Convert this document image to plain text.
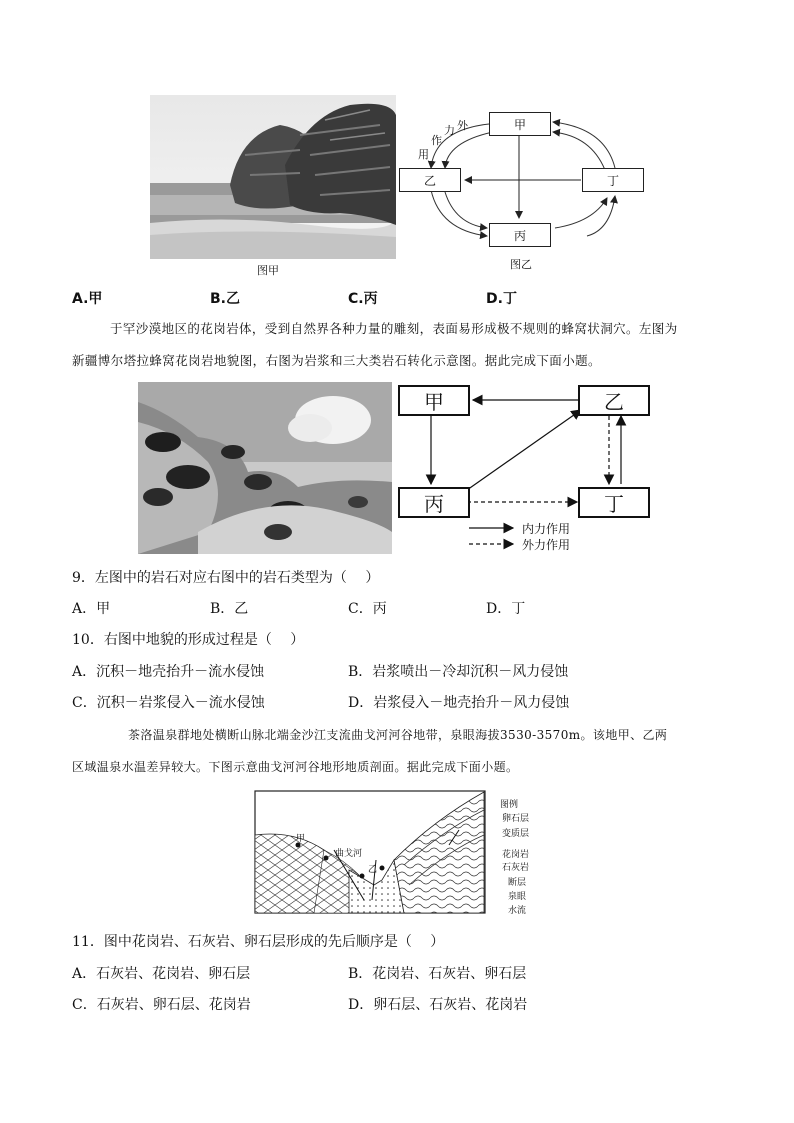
图甲
甲
乙	丁
丙
外
力
作
用
图乙
A.甲	B.乙	C.丙	D.丁
于罕沙漠地区的花岗岩体，受到自然界各种力量的雕刻，表面易形成极不规则的蜂窝状洞穴。左图为
新疆博尔塔拉蜂窝花岗岩地貌图，右图为岩浆和三大类岩石转化示意图。据此完成下面小题。
甲	乙
丙	丁
内力作用
外力作用
9．左图中的岩石对应右图中的岩石类型为（　 ）
A．甲	B．乙	C．丙	D．丁
10．右图中地貌的形成过程是（　 ）
A．沉积－地壳抬升－流水侵蚀	B．岩浆喷出－冷却沉积－风力侵蚀
C．沉积－岩浆侵入－流水侵蚀	D．岩浆侵入－地壳抬升－风力侵蚀
茶洛温泉群地处横断山脉北端金沙江支流曲戈河河谷地带，泉眼海拔3530-3570m。该地甲、乙两
区域温泉水温差异较大。下图示意曲戈河河谷地形地质剖面。据此完成下面小题。
甲
乙
曲戈河
图例
卵石层
变质层
花岗岩
石灰岩
断层
泉眼
水流
11．图中花岗岩、石灰岩、卵石层形成的先后顺序是（　 ）
A．石灰岩、花岗岩、卵石层	B．花岗岩、石灰岩、卵石层
C．石灰岩、卵石层、花岗岩	D．卵石层、石灰岩、花岗岩
